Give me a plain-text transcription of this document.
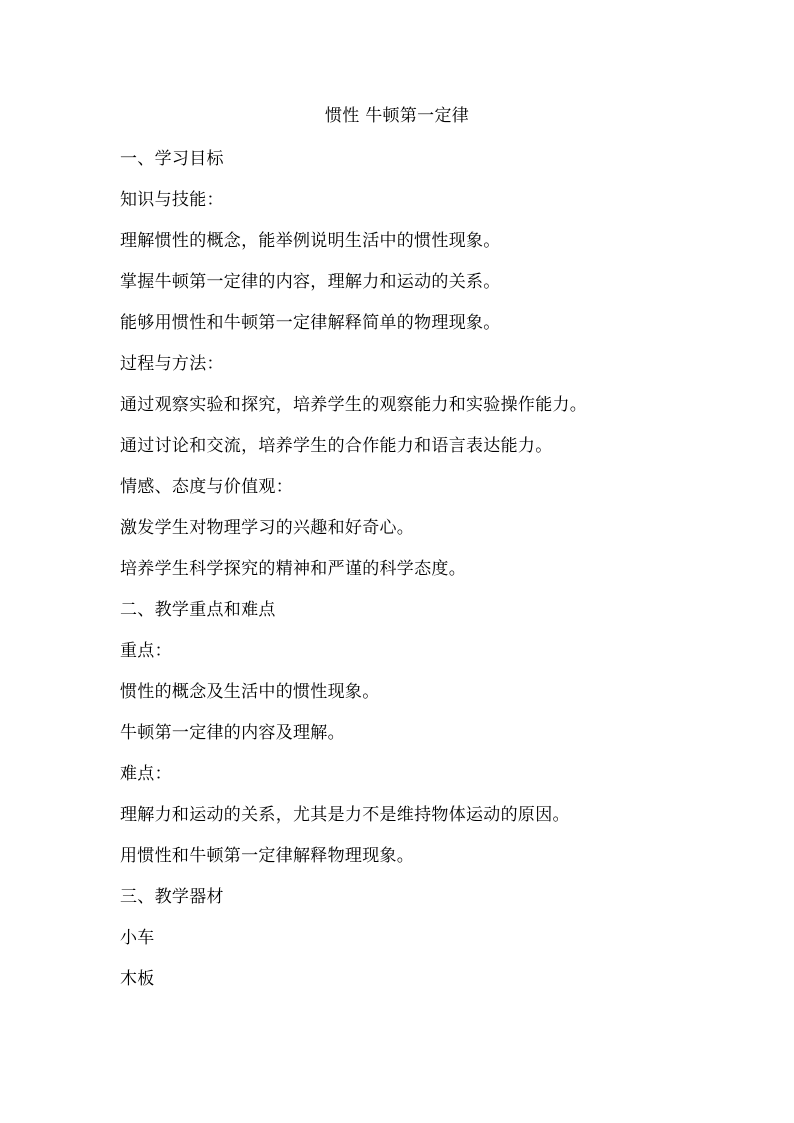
惯性 牛顿第一定律
一、学习目标
知识与技能：
理解惯性的概念，能举例说明生活中的惯性现象。
掌握牛顿第一定律的内容，理解力和运动的关系。
能够用惯性和牛顿第一定律解释简单的物理现象。
过程与方法：
通过观察实验和探究，培养学生的观察能力和实验操作能力。
通过讨论和交流，培养学生的合作能力和语言表达能力。
情感、态度与价值观：
激发学生对物理学习的兴趣和好奇心。
培养学生科学探究的精神和严谨的科学态度。
二、教学重点和难点
重点：
惯性的概念及生活中的惯性现象。
牛顿第一定律的内容及理解。
难点：
理解力和运动的关系，尤其是力不是维持物体运动的原因。
用惯性和牛顿第一定律解释物理现象。
三、教学器材
小车
木板
